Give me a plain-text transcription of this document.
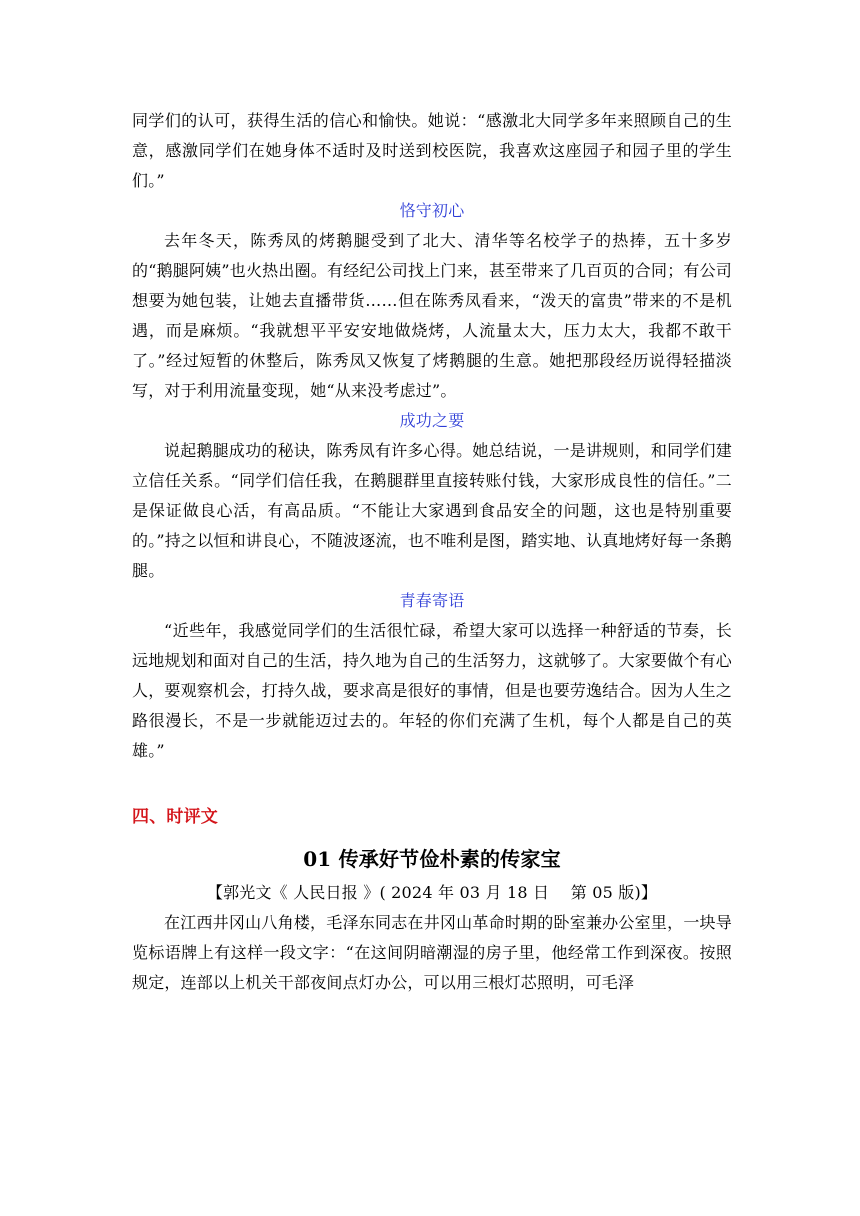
同学们的认可，获得生活的信心和愉快。她说：“感激北大同学多年来照顾自己的生意，感激同学们在她身体不适时及时送到校医院，我喜欢这座园子和园子里的学生们。”

恪守初心

去年冬天，陈秀凤的烤鹅腿受到了北大、清华等名校学子的热捧，五十多岁的“鹅腿阿姨”也火热出圈。有经纪公司找上门来，甚至带来了几百页的合同；有公司想要为她包装，让她去直播带货……但在陈秀凤看来，“泼天的富贵”带来的不是机遇，而是麻烦。“我就想平平安安地做烧烤，人流量太大，压力太大，我都不敢干了。”经过短暂的休整后，陈秀凤又恢复了烤鹅腿的生意。她把那段经历说得轻描淡写，对于利用流量变现，她“从来没考虑过”。

成功之要

说起鹅腿成功的秘诀，陈秀凤有许多心得。她总结说，一是讲规则，和同学们建立信任关系。“同学们信任我，在鹅腿群里直接转账付钱，大家形成良性的信任。”二是保证做良心活，有高品质。“不能让大家遇到食品安全的问题，这也是特别重要的。”持之以恒和讲良心，不随波逐流，也不唯利是图，踏实地、认真地烤好每一条鹅腿。

青春寄语

“近些年，我感觉同学们的生活很忙碌，希望大家可以选择一种舒适的节奏，长远地规划和面对自己的生活，持久地为自己的生活努力，这就够了。大家要做个有心人，要观察机会，打持久战，要求高是很好的事情，但是也要劳逸结合。因为人生之路很漫长，不是一步就能迈过去的。年轻的你们充满了生机，每个人都是自己的英雄。”

四、时评文

01 传承好节俭朴素的传家宝

【郭光文《 人民日报 》( 2024 年 03 月 18 日　 第 05 版)】

在江西井冈山八角楼，毛泽东同志在井冈山革命时期的卧室兼办公室里，一块导览标语牌上有这样一段文字：“在这间阴暗潮湿的房子里，他经常工作到深夜。按照规定，连部以上机关干部夜间点灯办公，可以用三根灯芯照明，可毛泽
